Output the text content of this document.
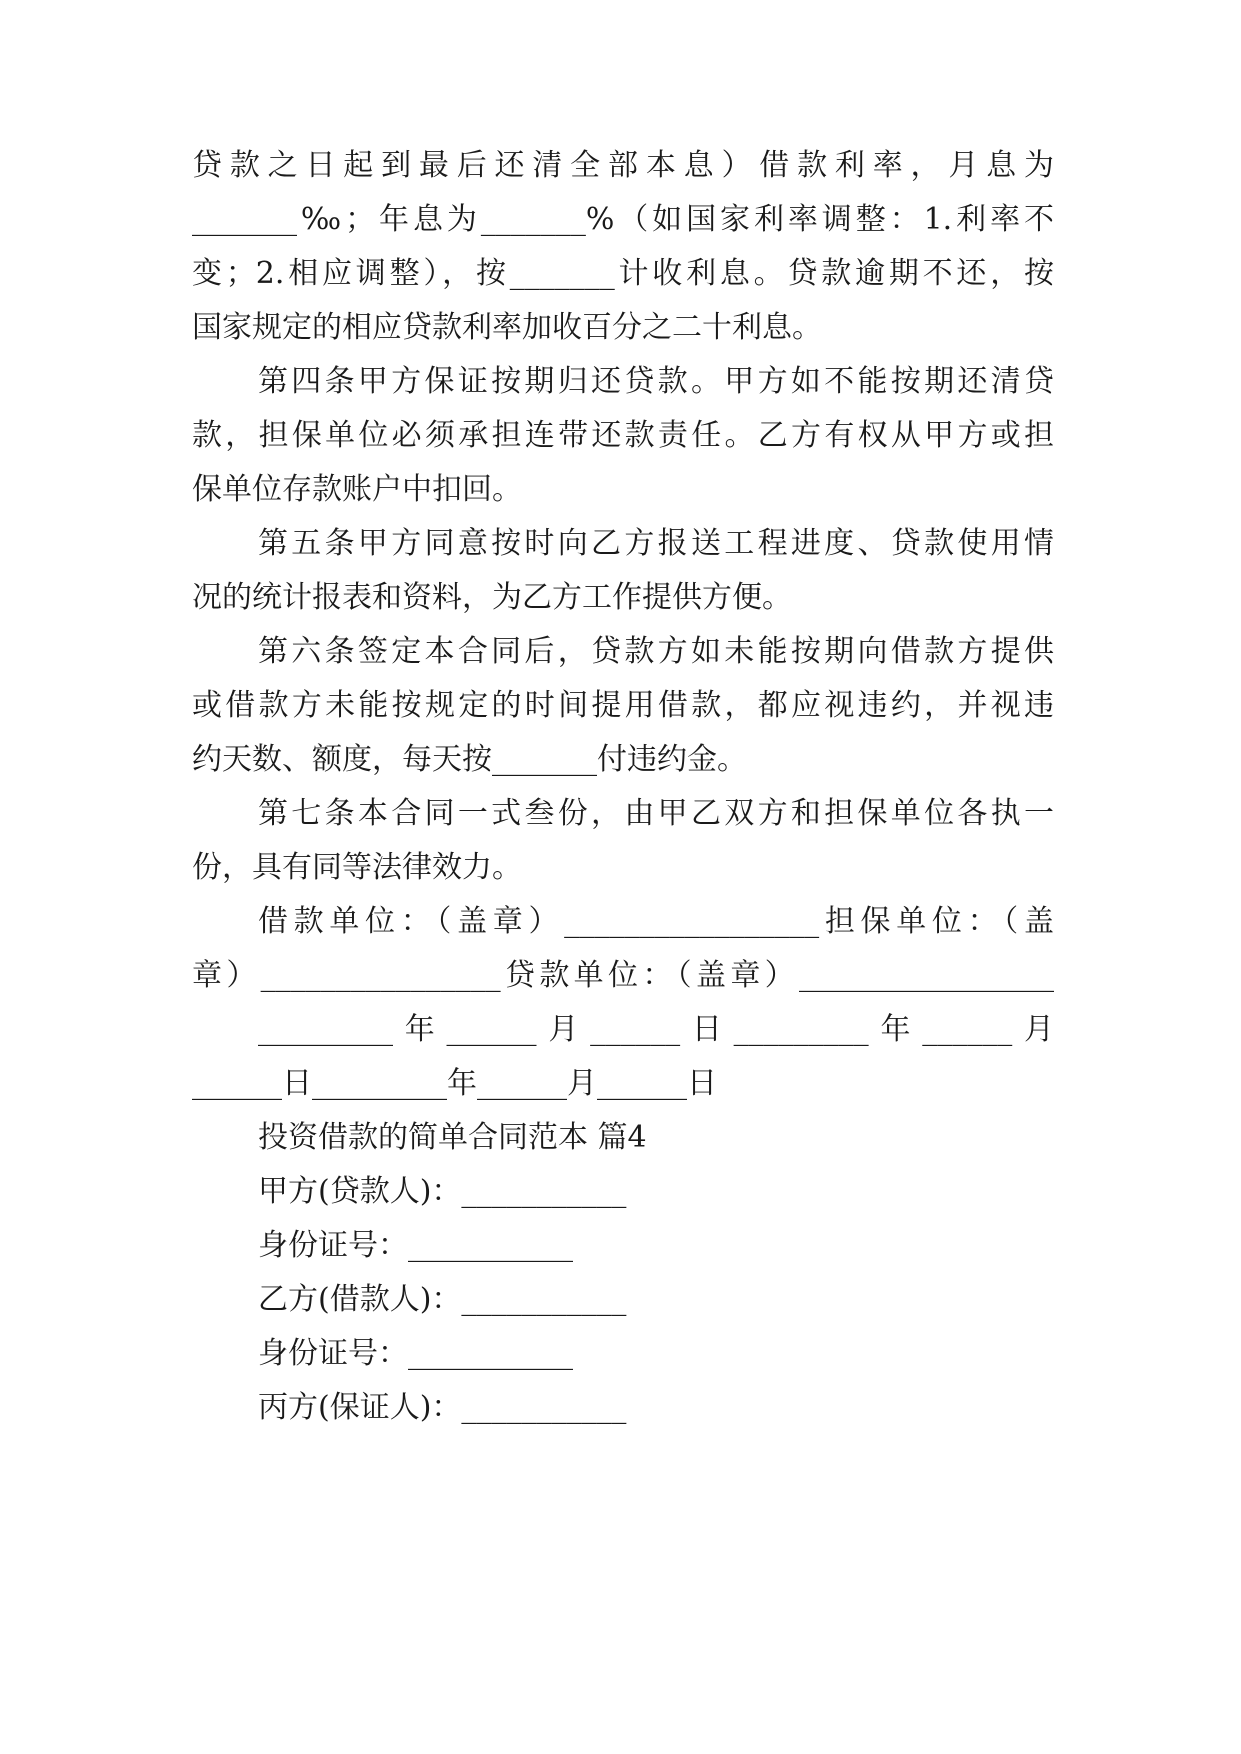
贷款之日起到最后还清全部本息）借款利率，月息为
_______‰；年息为_______%（如国家利率调整：1.利率不
变；2.相应调整），按_______计收利息。贷款逾期不还，按
国家规定的相应贷款利率加收百分之二十利息。
第四条甲方保证按期归还贷款。甲方如不能按期还清贷
款，担保单位必须承担连带还款责任。乙方有权从甲方或担
保单位存款账户中扣回。
第五条甲方同意按时向乙方报送工程进度、贷款使用情
况的统计报表和资料，为乙方工作提供方便。
第六条签定本合同后，贷款方如未能按期向借款方提供
或借款方未能按规定的时间提用借款，都应视违约，并视违
约天数、额度，每天按_______付违约金。
第七条本合同一式叁份，由甲乙双方和担保单位各执一
份，具有同等法律效力。
借款单位：（盖章）_________________担保单位：（盖
章）________________贷款单位：（盖章）_________________
_________年______月______日_________年______月
______日_________年______月______日
投资借款的简单合同范本 篇4
甲方(贷款人)：___________
身份证号：___________
乙方(借款人)：___________
身份证号：___________
丙方(保证人)：___________
